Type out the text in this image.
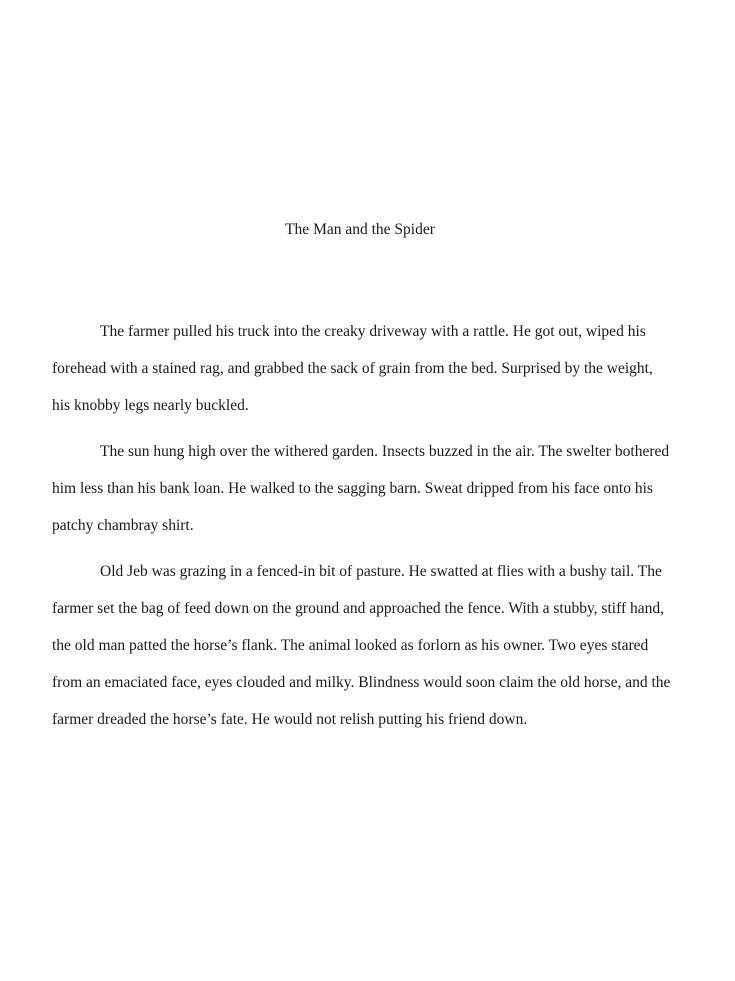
The Man and the Spider

The farmer pulled his truck into the creaky driveway with a rattle. He got out, wiped his forehead with a stained rag, and grabbed the sack of grain from the bed. Surprised by the weight, his knobby legs nearly buckled.

The sun hung high over the withered garden. Insects buzzed in the air. The swelter bothered him less than his bank loan. He walked to the sagging barn. Sweat dripped from his face onto his patchy chambray shirt.

Old Jeb was grazing in a fenced-in bit of pasture. He swatted at flies with a bushy tail. The farmer set the bag of feed down on the ground and approached the fence. With a stubby, stiff hand, the old man patted the horse’s flank. The animal looked as forlorn as his owner. Two eyes stared from an emaciated face, eyes clouded and milky. Blindness would soon claim the old horse, and the farmer dreaded the horse’s fate. He would not relish putting his friend down.
